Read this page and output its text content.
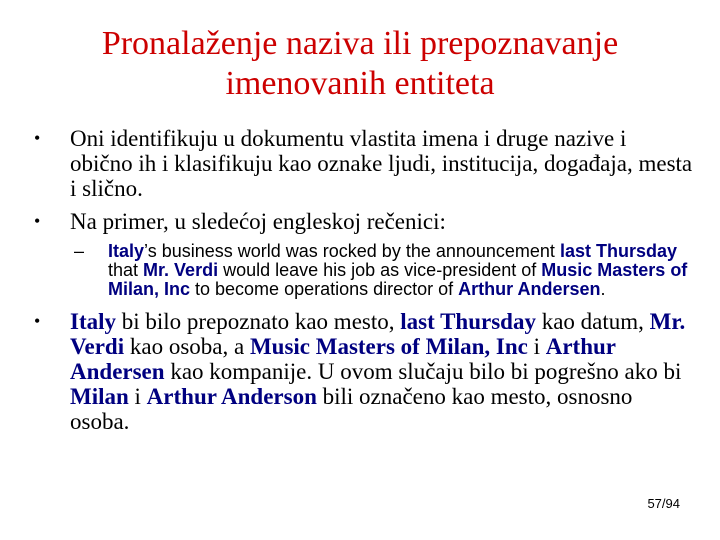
Pronalaženje naziva ili prepoznavanje
imenovanih entiteta
• Oni identifikuju u dokumentu vlastita imena i druge nazive i obično ih i klasifikuju kao oznake ljudi, institucija, događaja, mesta i slično.
• Na primer, u sledećoj engleskoj rečenici:
– Italy’s business world was rocked by the announcement last Thursday that Mr. Verdi would leave his job as vice-president of Music Masters of Milan, Inc to become operations director of Arthur Andersen.
• Italy bi bilo prepoznato kao mesto, last Thursday kao datum, Mr. Verdi kao osoba, a Music Masters of Milan, Inc i Arthur Andersen kao kompanije. U ovom slučaju bilo bi pogrešno ako bi Milan i Arthur Anderson bili označeno kao mesto, osnosno osoba.
57/94
